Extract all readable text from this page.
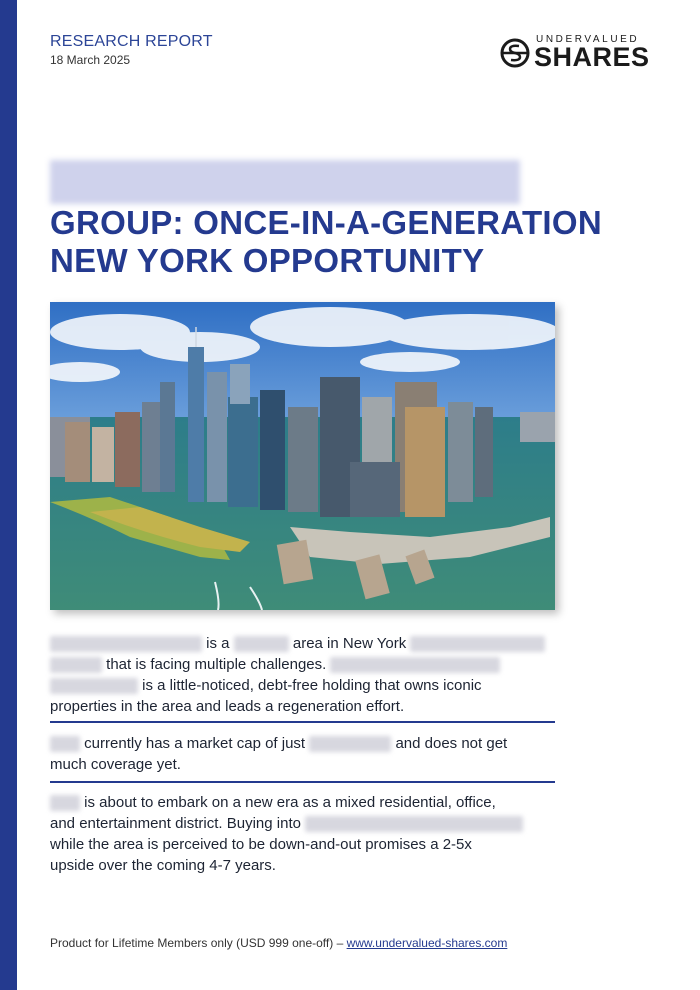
RESEARCH REPORT
18 March 2025
UNDERVALUED
SHARES
GROUP: ONCE-IN-A-GENERATION
NEW YORK OPPORTUNITY
is a	area in New York
that is facing multiple challenges.
is a little-noticed, debt-free holding that owns iconic
properties in the area and leads a regeneration effort.
currently has a market cap of just	and does not get
much coverage yet.
is about to embark on a new era as a mixed residential, office,
and entertainment district. Buying into
while the area is perceived to be down-and-out promises a 2-5x
upside over the coming 4-7 years.
Product for Lifetime Members only (USD 999 one-off) – www.undervalued-shares.com
